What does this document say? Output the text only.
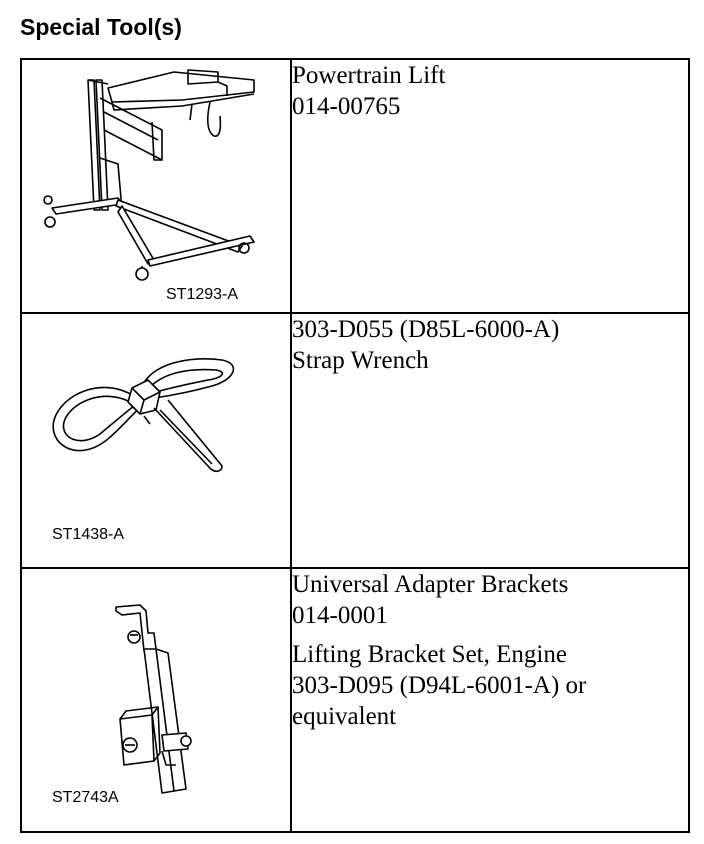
Special Tool(s)
ST1293-A	Powertrain Lift
014-00765

ST1438-A	303-D055 (D85L-6000-A)
Strap Wrench

ST2743A	Universal Adapter Brackets
014-0001
Lifting Bracket Set, Engine
303-D095 (D94L-6001-A) or
equivalent
